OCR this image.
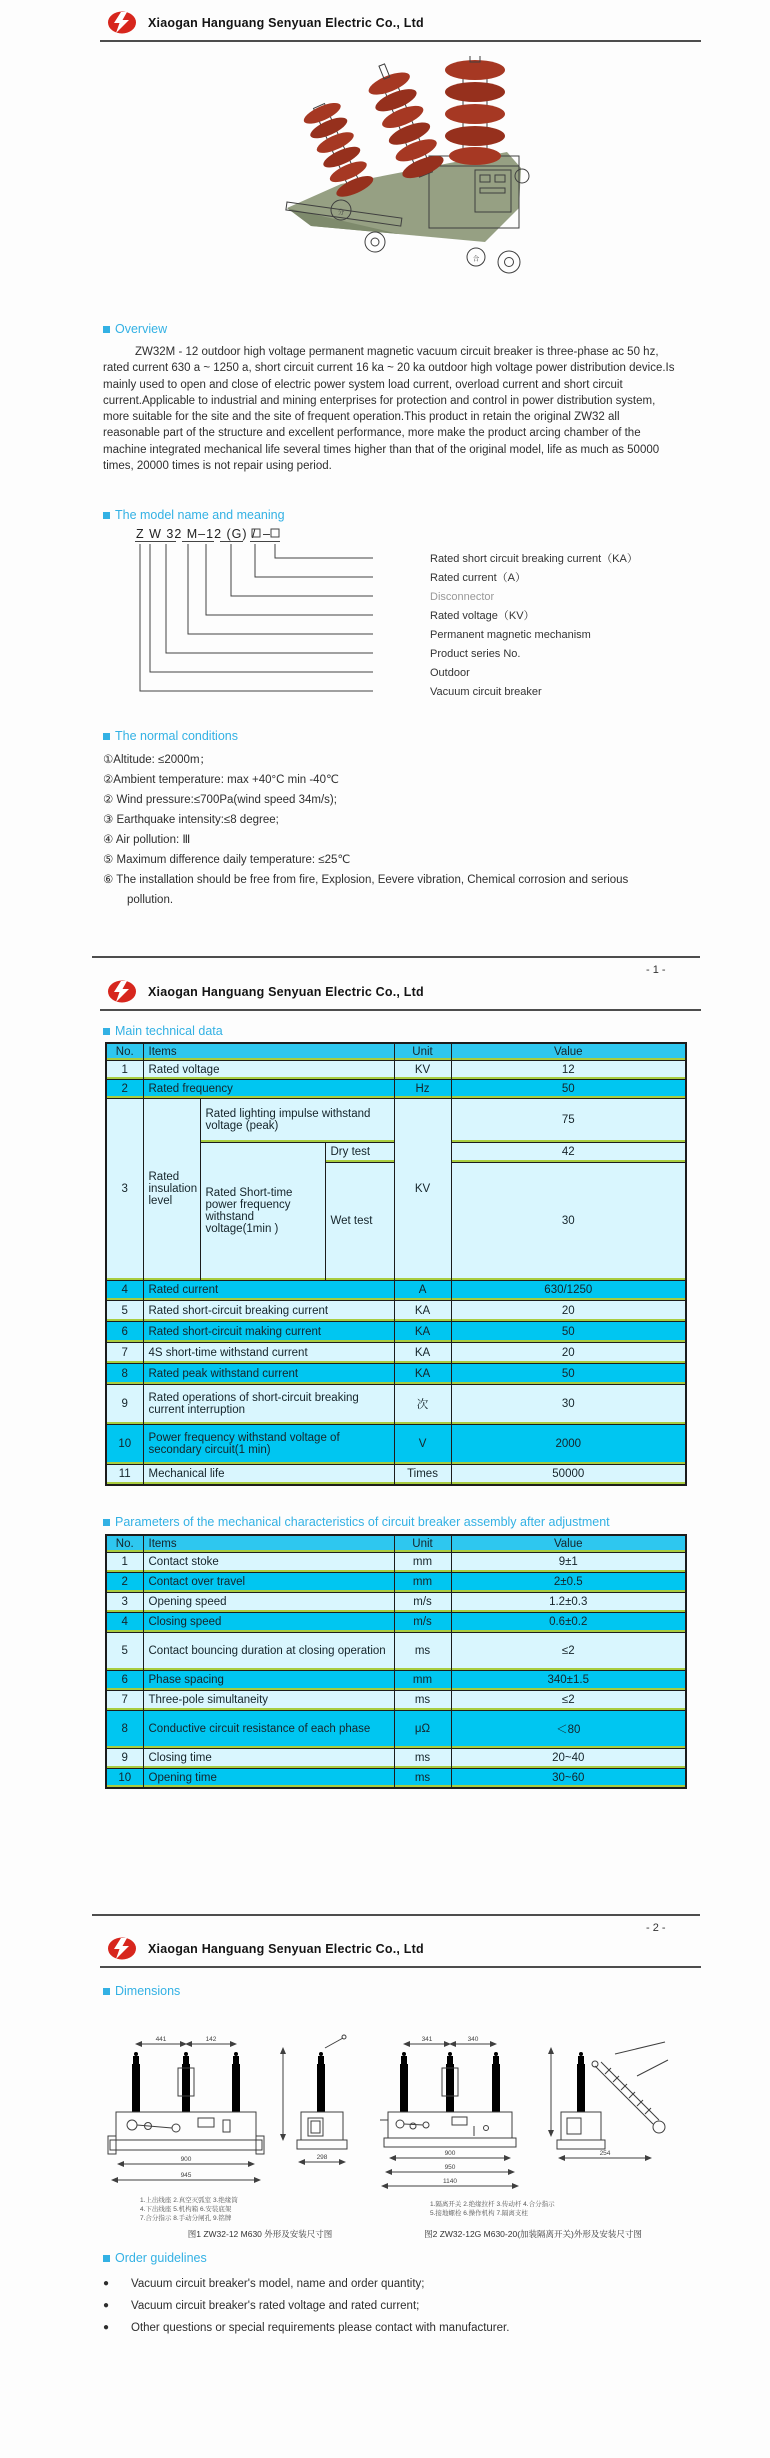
Xiaogan Hanguang Senyuan Electric Co., Ltd
分
合
Overview
ZW32M - 12 outdoor high voltage permanent magnetic vacuum circuit breaker is three-phase ac 50 hz, rated current 630 a ~ 1250 a, short circuit current 16 ka ~ 20 ka outdoor high voltage power distribution device.Is mainly used to open and close of electric power system load current, overload current and short circuit current.Applicable to industrial and mining enterprises for protection and control in power distribution system, more suitable for the site and the site of frequent operation.This product in retain the original ZW32 all reasonable part of the structure and excellent performance, more make the product arcing chamber of the machine integrated mechanical life several times higher than that of the original model, life as much as 50000 times, 20000 times is not repair using period.
The model name and meaning
Z W 32 M–12 (G) / –
Rated short circuit breaking current（KA）
Rated current（A）
Disconnector
Rated voltage（KV）
Permanent magnetic mechanism
Product series No.
Outdoor
Vacuum circuit breaker
The normal conditions
①Altitude: ≤2000m；
②Ambient temperature: max +40°C min -40℃
② Wind pressure:≤700Pa(wind speed 34m/s);
③ Earthquake intensity:≤8 degree;
④ Air pollution: Ⅲ
⑤ Maximum difference daily temperature: ≤25℃
⑥ The installation should be free from fire, Explosion, Eevere vibration, Chemical corrosion and serious pollution.
- 1 -
Xiaogan Hanguang Senyuan Electric Co., Ltd
Main technical data
No.	Items			Unit	Value
1	Rated voltage			KV	12
2	Rated frequency			Hz	50
3	Rated insulation level	Rated lighting impulse withstand voltage (peak)		KV	75
		Rated Short-time power frequency withstand voltage(1min )	Dry test		42
			Wet test		30
4	Rated current			A	630/1250
5	Rated short-circuit breaking current			KA	20
6	Rated short-circuit making current			KA	50
7	4S short-time withstand current			KA	20
8	Rated peak withstand current			KA	50
9	Rated operations of short-circuit breaking current interruption			次	30
10	Power frequency withstand voltage of secondary circuit(1 min)			V	2000
11	Mechanical life			Times	50000
Parameters of the mechanical characteristics of circuit breaker assembly after adjustment
No.	Items	Unit	Value
1	Contact stoke	mm	9±1
2	Contact over travel	mm	2±0.5
3	Opening speed	m/s	1.2±0.3
4	Closing speed	m/s	0.6±0.2
5	Contact bouncing duration at closing operation	ms	≤2
6	Phase spacing	mm	340±1.5
7	Three-pole simultaneity	ms	≤2
8	Conductive circuit resistance of each phase	μΩ	＜80
9	Closing time	ms	20~40
10	Opening time	ms	30~60
- 2 -
Xiaogan Hanguang Senyuan Electric Co., Ltd
Dimensions
441	142
900
945
298
341	340
900
950
1140
254
1.上出线座 2.真空灭弧室 3.绝缘筒
4.下出线座 5.机构箱 6.安装底架
7.合分指示 8.手动分闸孔 9.铭牌
1.隔离开关 2.绝缘拉杆 3.传动杆 4.合分指示
5.接地螺栓 6.操作机构 7.隔离支柱
图1 ZW32-12 M630 外形及安装尺寸图	图2 ZW32-12G M630-20(加装隔离开关)外形及安装尺寸图
Order guidelines
●	Vacuum circuit breaker's model, name and order quantity;
●	Vacuum circuit breaker's rated voltage and rated current;
●	Other questions or special requirements please contact with manufacturer.
